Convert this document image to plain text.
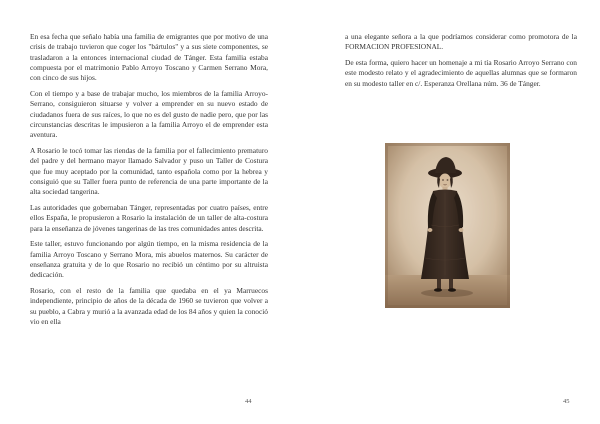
En esa fecha que señalo había una familia de emigrantes que por motivo de una crisis de trabajo tuvieron que coger los "bártulos" y a sus siete componentes, se trasladaron a la entonces internacional ciudad de Tánger. Esta familia estaba compuesta por el matrimonio Pablo Arroyo Toscano y Carmen Serrano Mora, con cinco de sus hijos.

Con el tiempo y a base de trabajar mucho, los miembros de la familia Arroyo-Serrano, consiguieron situarse y volver a emprender en su nuevo estado de ciudadanos fuera de sus raíces, lo que no es del gusto de nadie pero, que por las circunstancias descritas le impusieron a la familia Arroyo el de emprender esta aventura.

A Rosario le tocó tomar las riendas de la familia por el fallecimiento prematuro del padre y del hermano mayor llamado Salvador y puso un Taller de Costura que fue muy aceptado por la comunidad, tanto española como por la hebrea y consiguió que su Taller fuera punto de referencia de una parte importante de la alta sociedad tangerina.

Las autoridades que gobernaban Tánger, representadas por cuatro países, entre ellos España, le propusieron a Rosario la instalación de un taller de alta-costura para la enseñanza de jóvenes tangerinas de las tres comunidades antes descrita.

Este taller, estuvo funcionando por algún tiempo, en la misma residencia de la familia Arroyo Toscano y Serrano Mora, mis abuelos maternos. Su carácter de enseñanza gratuita y de lo que Rosario no recibió un céntimo por su altruista dedicación.

Rosario, con el resto de la familia que quedaba en el ya Marruecos independiente, principio de años de la década de 1960 se tuvieron que volver a su pueblo, a Cabra y murió a la avanzada edad de los 84 años y quien la conoció vio en ella

44

a una elegante señora a la que podríamos considerar como promotora de la FORMACION PROFESIONAL.

De esta forma, quiero hacer un homenaje a mi tía Rosario Arroyo Serrano con este modesto relato y el agradecimiento de aquellas alumnas que se formaron en su modesto taller en c/. Esperanza Orellana núm. 36 de Tánger.

45
